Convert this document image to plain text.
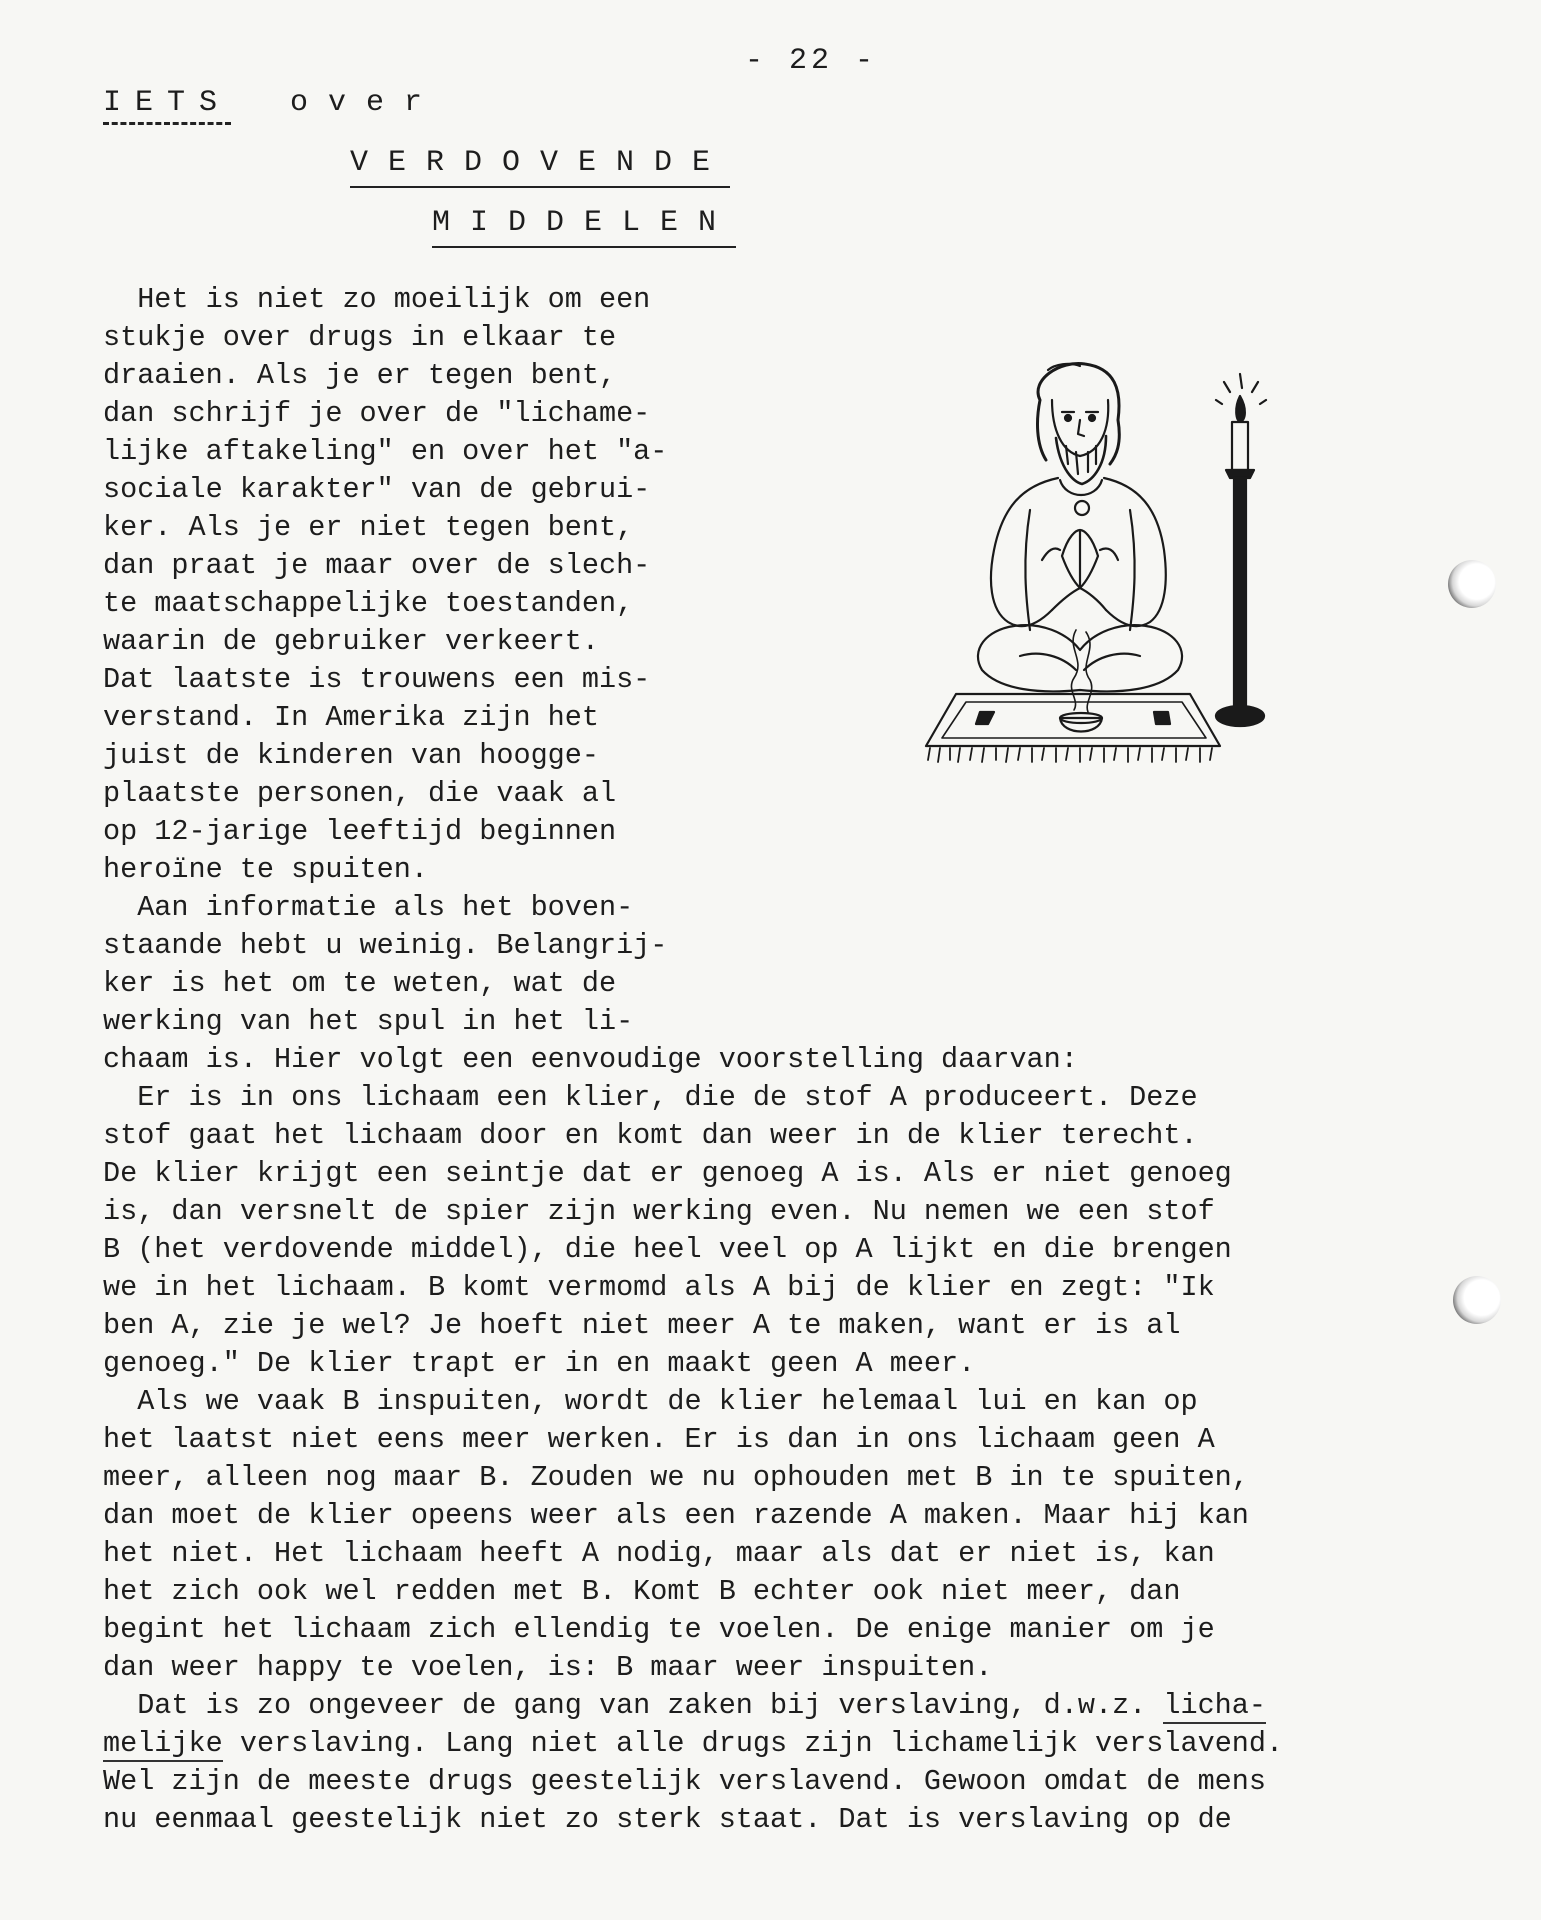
- 22 -
IETS over
VERDOVENDE
MIDDELEN
Het is niet zo moeilijk om een
stukje over drugs in elkaar te
draaien. Als je er tegen bent,
dan schrijf je over de "lichame-
lijke aftakeling" en over het "a-
sociale karakter" van de gebrui-
ker. Als je er niet tegen bent,
dan praat je maar over de slech-
te maatschappelijke toestanden,
waarin de gebruiker verkeert.
Dat laatste is trouwens een mis-
verstand. In Amerika zijn het
juist de kinderen van hoogge-
plaatste personen, die vaak al
op 12-jarige leeftijd beginnen
heroïne te spuiten.
Aan informatie als het boven-
staande hebt u weinig. Belangrij-
ker is het om te weten, wat de
werking van het spul in het li-
chaam is. Hier volgt een eenvoudige voorstelling daarvan:
Er is in ons lichaam een klier, die de stof A produceert. Deze
stof gaat het lichaam door en komt dan weer in de klier terecht.
De klier krijgt een seintje dat er genoeg A is. Als er niet genoeg
is, dan versnelt de spier zijn werking even. Nu nemen we een stof
B (het verdovende middel), die heel veel op A lijkt en die brengen
we in het lichaam. B komt vermomd als A bij de klier en zegt: "Ik
ben A, zie je wel? Je hoeft niet meer A te maken, want er is al
genoeg." De klier trapt er in en maakt geen A meer.
Als we vaak B inspuiten, wordt de klier helemaal lui en kan op
het laatst niet eens meer werken. Er is dan in ons lichaam geen A
meer, alleen nog maar B. Zouden we nu ophouden met B in te spuiten,
dan moet de klier opeens weer als een razende A maken. Maar hij kan
het niet. Het lichaam heeft A nodig, maar als dat er niet is, kan
het zich ook wel redden met B. Komt B echter ook niet meer, dan
begint het lichaam zich ellendig te voelen. De enige manier om je
dan weer happy te voelen, is: B maar weer inspuiten.
Dat is zo ongeveer de gang van zaken bij verslaving, d.w.z. licha-
melijke verslaving. Lang niet alle drugs zijn lichamelijk verslavend.
Wel zijn de meeste drugs geestelijk verslavend. Gewoon omdat de mens
nu eenmaal geestelijk niet zo sterk staat. Dat is verslaving op de
